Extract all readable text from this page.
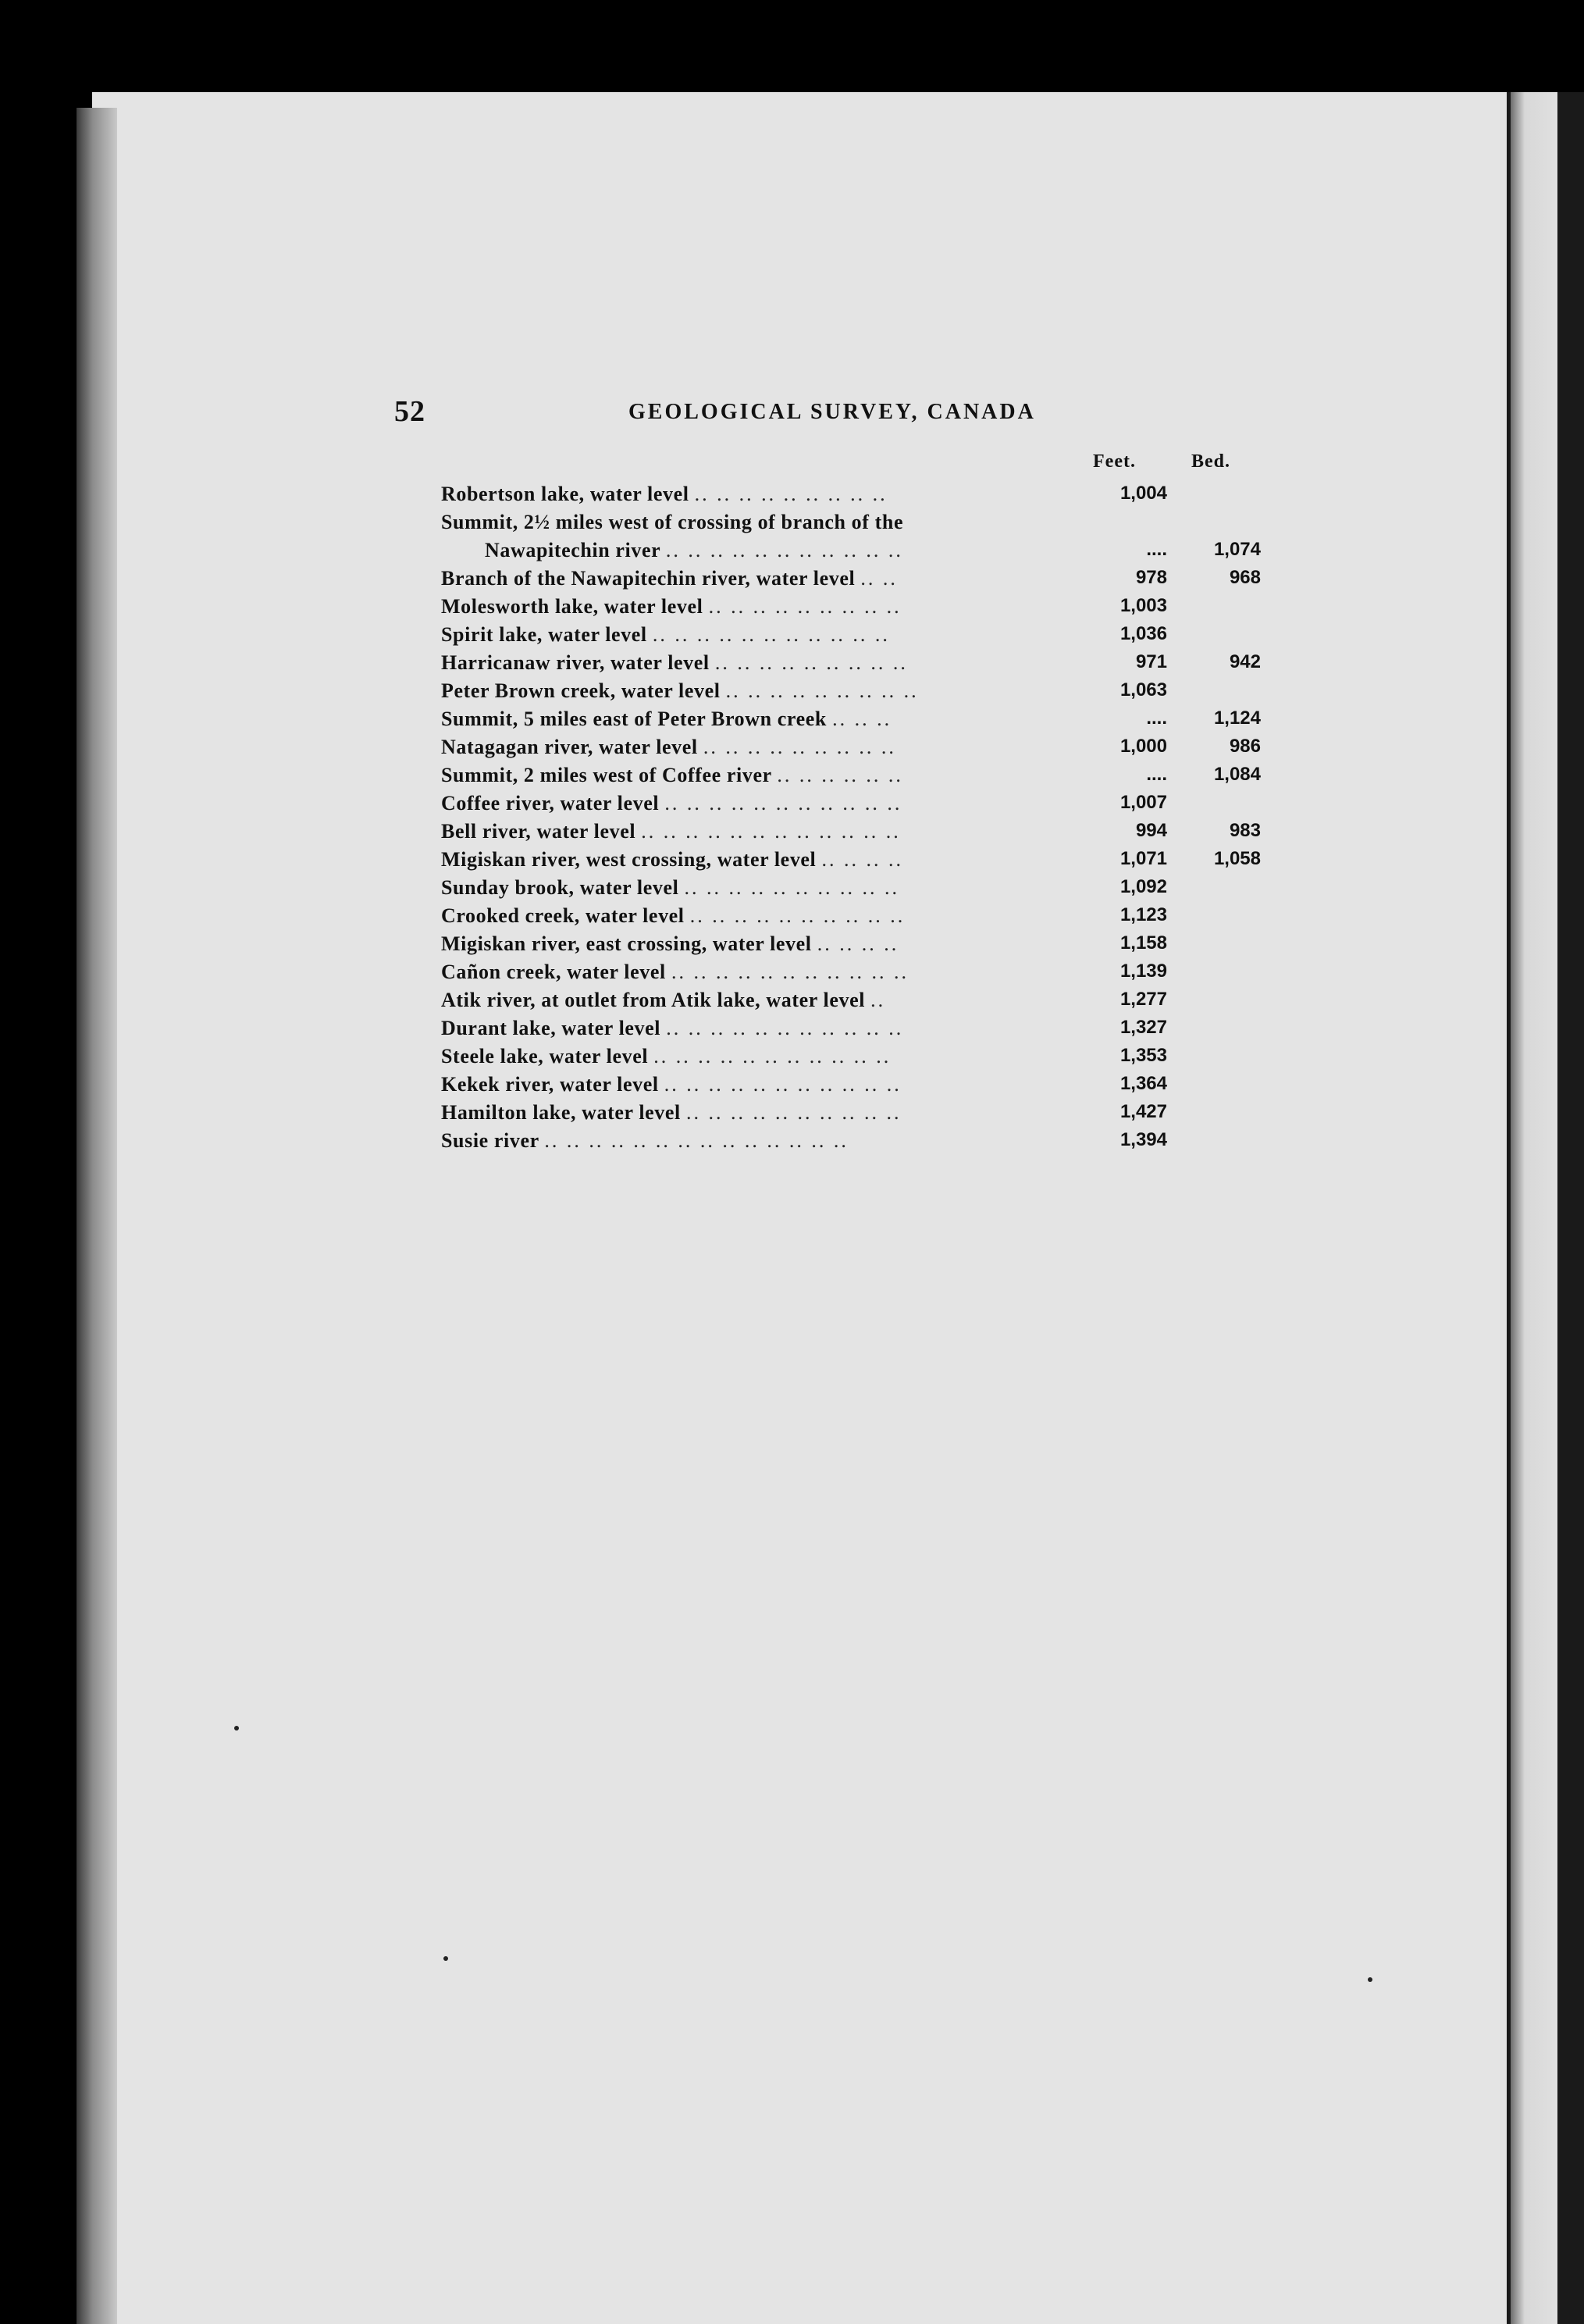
52	GEOLOGICAL SURVEY, CANADA
Feet.	Bed.
Robertson lake, water level .. .. .. .. .. .. .. .. ..	1,004
Summit, 2½ miles west of crossing of branch of the
Nawapitechin river .. .. .. .. .. .. .. .. .. .. ..	....	1,074
Branch of the Nawapitechin river, water level .. ..	978	968
Molesworth lake, water level .. .. .. .. .. .. .. .. ..	1,003
Spirit lake, water level .. .. .. .. .. .. .. .. .. .. ..	1,036
Harricanaw river, water level .. .. .. .. .. .. .. .. ..	971	942
Peter Brown creek, water level .. .. .. .. .. .. .. .. ..	1,063
Summit, 5 miles east of Peter Brown creek .. .. ..	....	1,124
Natagagan river, water level .. .. .. .. .. .. .. .. ..	1,000	986
Summit, 2 miles west of Coffee river .. .. .. .. .. ..	....	1,084
Coffee river, water level .. .. .. .. .. .. .. .. .. .. ..	1,007
Bell river, water level .. .. .. .. .. .. .. .. .. .. .. ..	994	983
Migiskan river, west crossing, water level .. .. .. ..	1,071	1,058
Sunday brook, water level .. .. .. .. .. .. .. .. .. ..	1,092
Crooked creek, water level .. .. .. .. .. .. .. .. .. ..	1,123
Migiskan river, east crossing, water level .. .. .. ..	1,158
Cañon creek, water level .. .. .. .. .. .. .. .. .. .. ..	1,139
Atik river, at outlet from Atik lake, water level ..	1,277
Durant lake, water level .. .. .. .. .. .. .. .. .. .. ..	1,327
Steele lake, water level .. .. .. .. .. .. .. .. .. .. ..	1,353
Kekek river, water level .. .. .. .. .. .. .. .. .. .. ..	1,364
Hamilton lake, water level .. .. .. .. .. .. .. .. .. ..	1,427
Susie river .. .. .. .. .. .. .. .. .. .. .. .. .. ..	1,394
